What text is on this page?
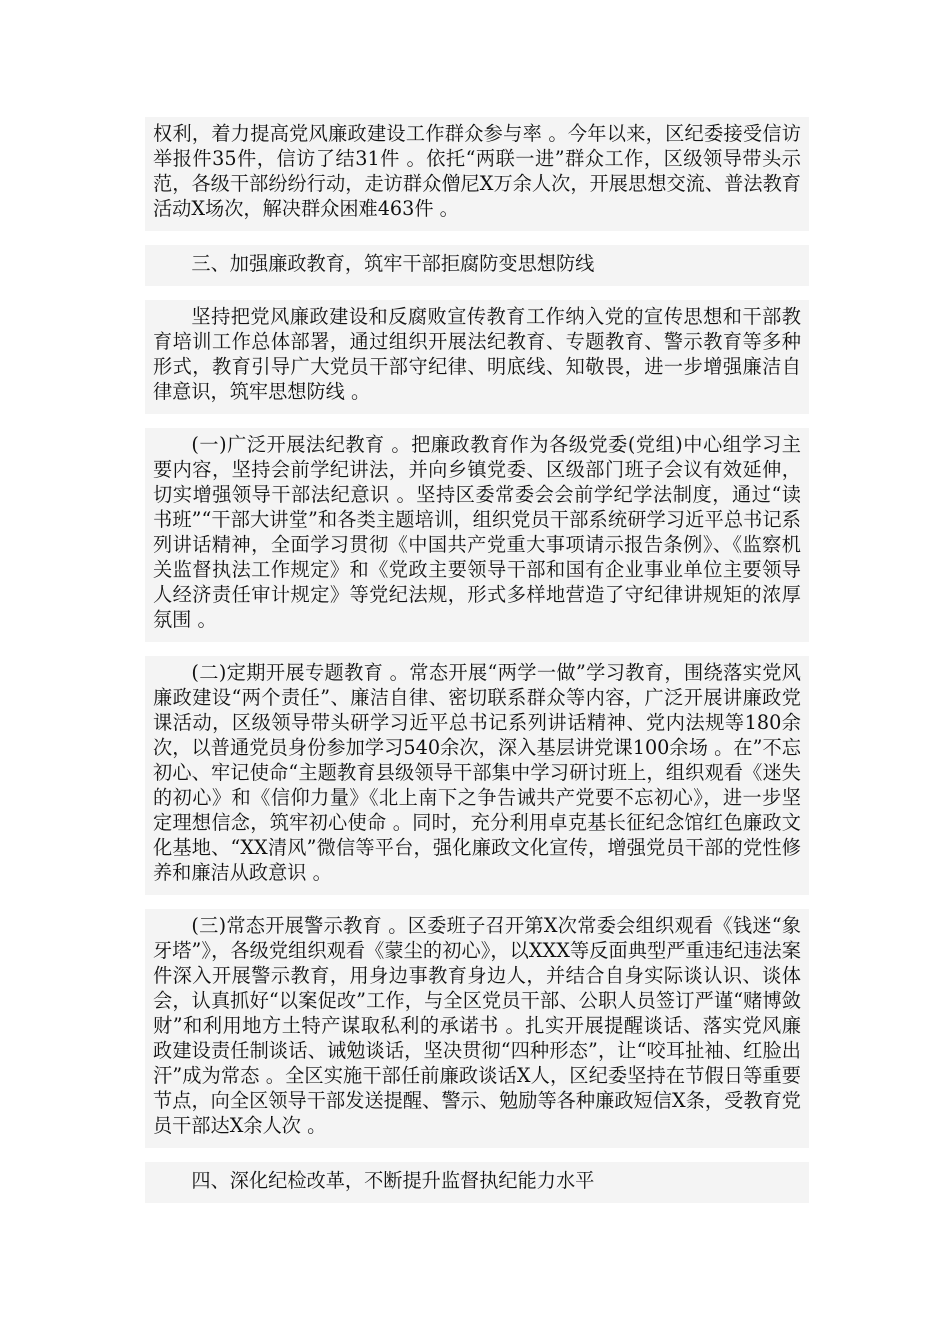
权利，着力提高党风廉政建设工作群众参与率 。今年以来，区纪委接受信访举报件35件，信访了结31件 。依托“两联一进”群众工作，区级领导带头示范，各级干部纷纷行动，走访群众僧尼X万余人次，开展思想交流、普法教育活动X场次，解决群众困难463件 。

三、加强廉政教育，筑牢干部拒腐防变思想防线

坚持把党风廉政建设和反腐败宣传教育工作纳入党的宣传思想和干部教育培训工作总体部署，通过组织开展法纪教育、专题教育、警示教育等多种形式，教育引导广大党员干部守纪律、明底线、知敬畏，进一步增强廉洁自律意识，筑牢思想防线 。

(一)广泛开展法纪教育 。把廉政教育作为各级党委(党组)中心组学习主要内容，坚持会前学纪讲法，并向乡镇党委、区级部门班子会议有效延伸，切实增强领导干部法纪意识 。坚持区委常委会会前学纪学法制度，通过“读书班”“干部大讲堂”和各类主题培训，组织党员干部系统研学习近平总书记系列讲话精神，全面学习贯彻《中国共产党重大事项请示报告条例》、《监察机关监督执法工作规定》和《党政主要领导干部和国有企业事业单位主要领导人经济责任审计规定》等党纪法规，形式多样地营造了守纪律讲规矩的浓厚氛围 。

(二)定期开展专题教育 。常态开展“两学一做”学习教育，围绕落实党风廉政建设“两个责任”、廉洁自律、密切联系群众等内容，广泛开展讲廉政党课活动，区级领导带头研学习近平总书记系列讲话精神、党内法规等180余次，以普通党员身份参加学习540余次，深入基层讲党课100余场 。在”不忘初心、牢记使命“主题教育县级领导干部集中学习研讨班上，组织观看《迷失的初心》和《信仰力量》《北上南下之争告诫共产党要不忘初心》，进一步坚定理想信念，筑牢初心使命 。同时，充分利用卓克基长征纪念馆红色廉政文化基地、“XX清风”微信等平台，强化廉政文化宣传，增强党员干部的党性修养和廉洁从政意识 。

(三)常态开展警示教育 。区委班子召开第X次常委会组织观看《钱迷“象牙塔”》，各级党组织观看《蒙尘的初心》，以XXX等反面典型严重违纪违法案件深入开展警示教育，用身边事教育身边人，并结合自身实际谈认识、谈体会，认真抓好“以案促改”工作，与全区党员干部、公职人员签订严谨“赌博敛财”和利用地方土特产谋取私利的承诺书 。扎实开展提醒谈话、落实党风廉政建设责任制谈话、诫勉谈话，坚决贯彻“四种形态”，让“咬耳扯袖、红脸出汗”成为常态 。全区实施干部任前廉政谈话X人，区纪委坚持在节假日等重要节点，向全区领导干部发送提醒、警示、勉励等各种廉政短信X条，受教育党员干部达X余人次 。

四、深化纪检改革，不断提升监督执纪能力水平
